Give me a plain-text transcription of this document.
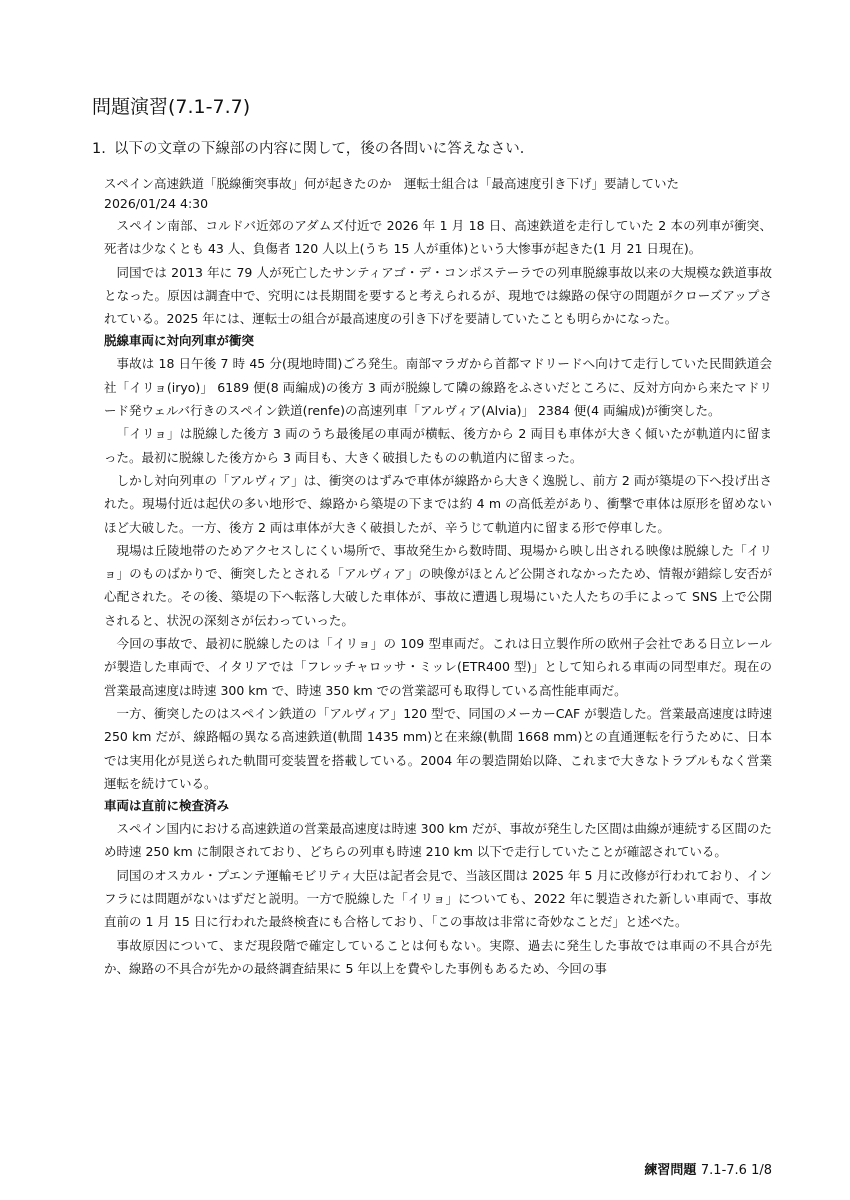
問題演習(7.1-7.7)

1. 以下の文章の下線部の内容に関して，後の各問いに答えなさい．

スペイン高速鉄道「脱線衝突事故」何が起きたのか　運転士組合は「最高速度引き下げ」要請していた

2026/01/24 4:30

スペイン南部、コルドバ近郊のアダムズ付近で 2026 年 1 月 18 日、高速鉄道を走行していた 2 本の列車が衝突、死者は少なくとも 43 人、負傷者 120 人以上(うち 15 人が重体)という大惨事が起きた(1 月 21 日現在)。

同国では 2013 年に 79 人が死亡したサンティアゴ・デ・コンポステーラでの列車脱線事故以来の大規模な鉄道事故となった。原因は調査中で、究明には長期間を要すると考えられるが、現地では線路の保守の問題がクローズアップされている。2025 年には、運転士の組合が最高速度の引き下げを要請していたことも明らかになった。

脱線車両に対向列車が衝突

事故は 18 日午後 7 時 45 分(現地時間)ごろ発生。南部マラガから首都マドリードへ向けて走行していた民間鉄道会社「イリョ(iryo)」 6189 便(8 両編成)の後方 3 両が脱線して隣の線路をふさいだところに、反対方向から来たマドリード発ウェルバ行きのスペイン鉄道(renfe)の高速列車「アルヴィア(Alvia)」 2384 便(4 両編成)が衝突した。

「イリョ」は脱線した後方 3 両のうち最後尾の車両が横転、後方から 2 両目も車体が大きく傾いたが軌道内に留まった。最初に脱線した後方から 3 両目も、大きく破損したものの軌道内に留まった。

しかし対向列車の「アルヴィア」は、衝突のはずみで車体が線路から大きく逸脱し、前方 2 両が築堤の下へ投げ出された。現場付近は起伏の多い地形で、線路から築堤の下までは約 4 m の高低差があり、衝撃で車体は原形を留めないほど大破した。一方、後方 2 両は車体が大きく破損したが、辛うじて軌道内に留まる形で停車した。

現場は丘陵地帯のためアクセスしにくい場所で、事故発生から数時間、現場から映し出される映像は脱線した「イリョ」のものばかりで、衝突したとされる「アルヴィア」の映像がほとんど公開されなかったため、情報が錯綜し安否が心配された。その後、築堤の下へ転落し大破した車体が、事故に遭遇し現場にいた人たちの手によって SNS 上で公開されると、状況の深刻さが伝わっていった。

今回の事故で、最初に脱線したのは「イリョ」の 109 型車両だ。これは日立製作所の欧州子会社である日立レールが製造した車両で、イタリアでは「フレッチャロッサ・ミッレ(ETR400 型)」として知られる車両の同型車だ。現在の営業最高速度は時速 300 km で、時速 350 km での営業認可も取得している高性能車両だ。

一方、衝突したのはスペイン鉄道の「アルヴィア」120 型で、同国のメーカーCAF が製造した。営業最高速度は時速 250 km だが、線路幅の異なる高速鉄道(軌間 1435 mm)と在来線(軌間 1668 mm)との直通運転を行うために、日本では実用化が見送られた軌間可変装置を搭載している。2004 年の製造開始以降、これまで大きなトラブルもなく営業運転を続けている。

車両は直前に検査済み

スペイン国内における高速鉄道の営業最高速度は時速 300 km だが、事故が発生した区間は曲線が連続する区間のため時速 250 km に制限されており、どちらの列車も時速 210 km 以下で走行していたことが確認されている。

同国のオスカル・プエンテ運輸モビリティ大臣は記者会見で、当該区間は 2025 年 5 月に改修が行われており、インフラには問題がないはずだと説明。一方で脱線した「イリョ」についても、2022 年に製造された新しい車両で、事故直前の 1 月 15 日に行われた最終検査にも合格しており、「この事故は非常に奇妙なことだ」と述べた。

事故原因について、まだ現段階で確定していることは何もない。実際、過去に発生した事故では車両の不具合が先か、線路の不具合が先かの最終調査結果に 5 年以上を費やした事例もあるため、今回の事

練習問題 7.1-7.6 1/8
